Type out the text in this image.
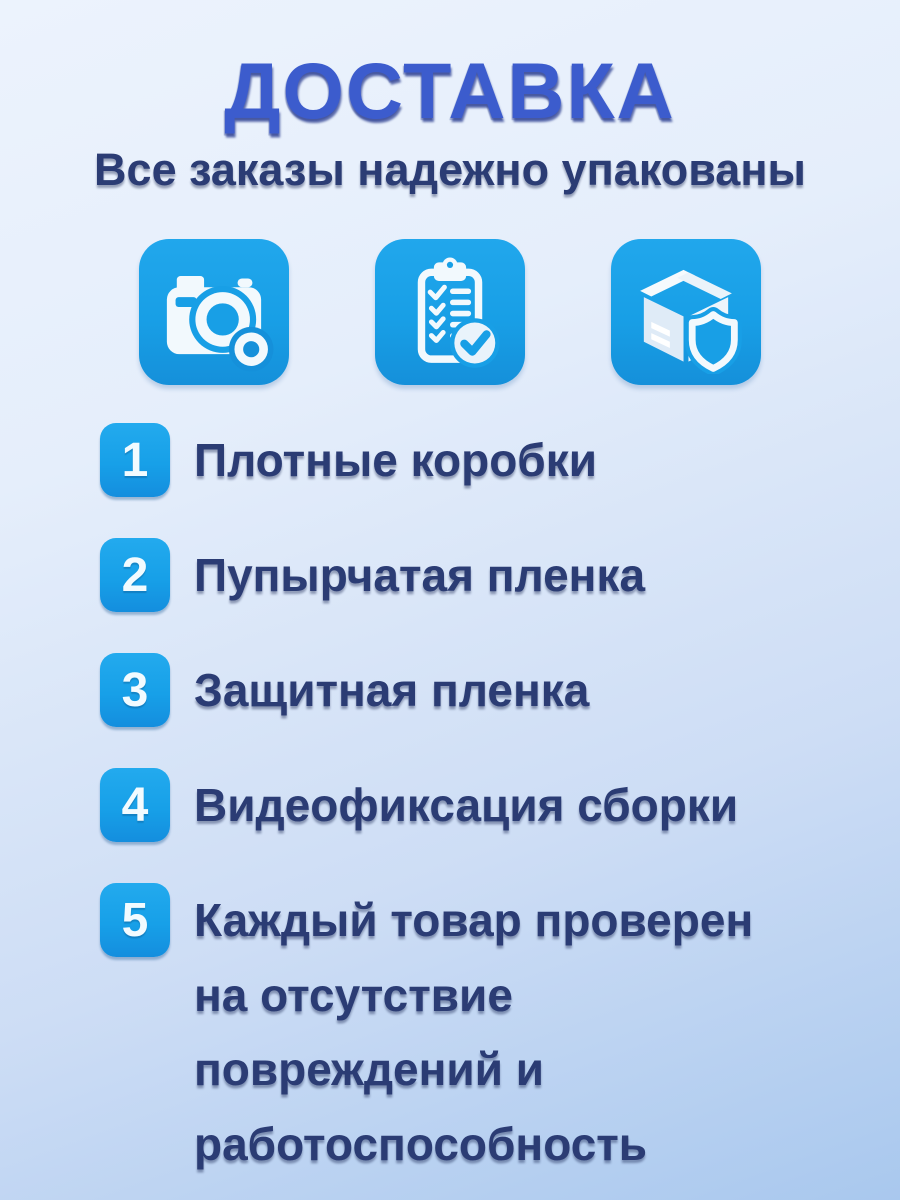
ДОСТАВКА
Все заказы надежно упакованы
1 Плотные коробки
2 Пупырчатая пленка
3 Защитная пленка
4 Видеофиксация сборки
5 Каждый товар проверен на отсутствие повреждений и работоспособность
